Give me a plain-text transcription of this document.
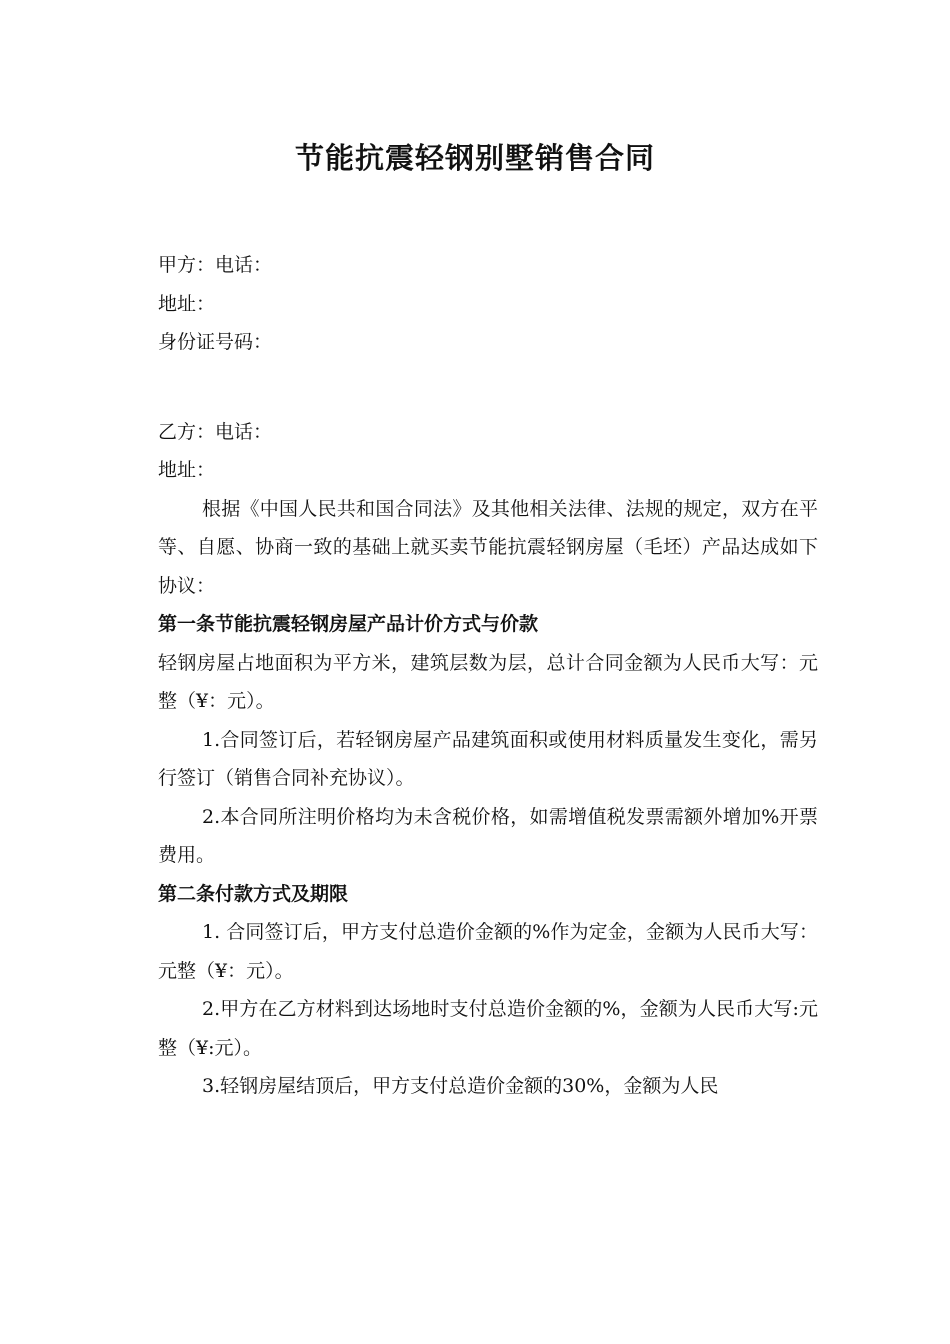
节能抗震轻钢别墅销售合同

甲方：电话：

地址：

身份证号码：

乙方：电话：

地址：

根据《中国人民共和国合同法》及其他相关法律、法规的规定，双方在平等、自愿、协商一致的基础上就买卖节能抗震轻钢房屋（毛坯）产品达成如下协议：

第一条节能抗震轻钢房屋产品计价方式与价款

轻钢房屋占地面积为平方米，建筑层数为层，总计合同金额为人民币大写：元整（¥：元）。

1.合同签订后，若轻钢房屋产品建筑面积或使用材料质量发生变化，需另行签订（销售合同补充协议）。

2.本合同所注明价格均为未含税价格，如需增值税发票需额外增加%开票费用。

第二条付款方式及期限

1. 合同签订后，甲方支付总造价金额的%作为定金，金额为人民币大写：元整（¥：元）。

2.甲方在乙方材料到达场地时支付总造价金额的%，金额为人民币大写:元整（¥:元）。

3.轻钢房屋结顶后，甲方支付总造价金额的30%，金额为人民
